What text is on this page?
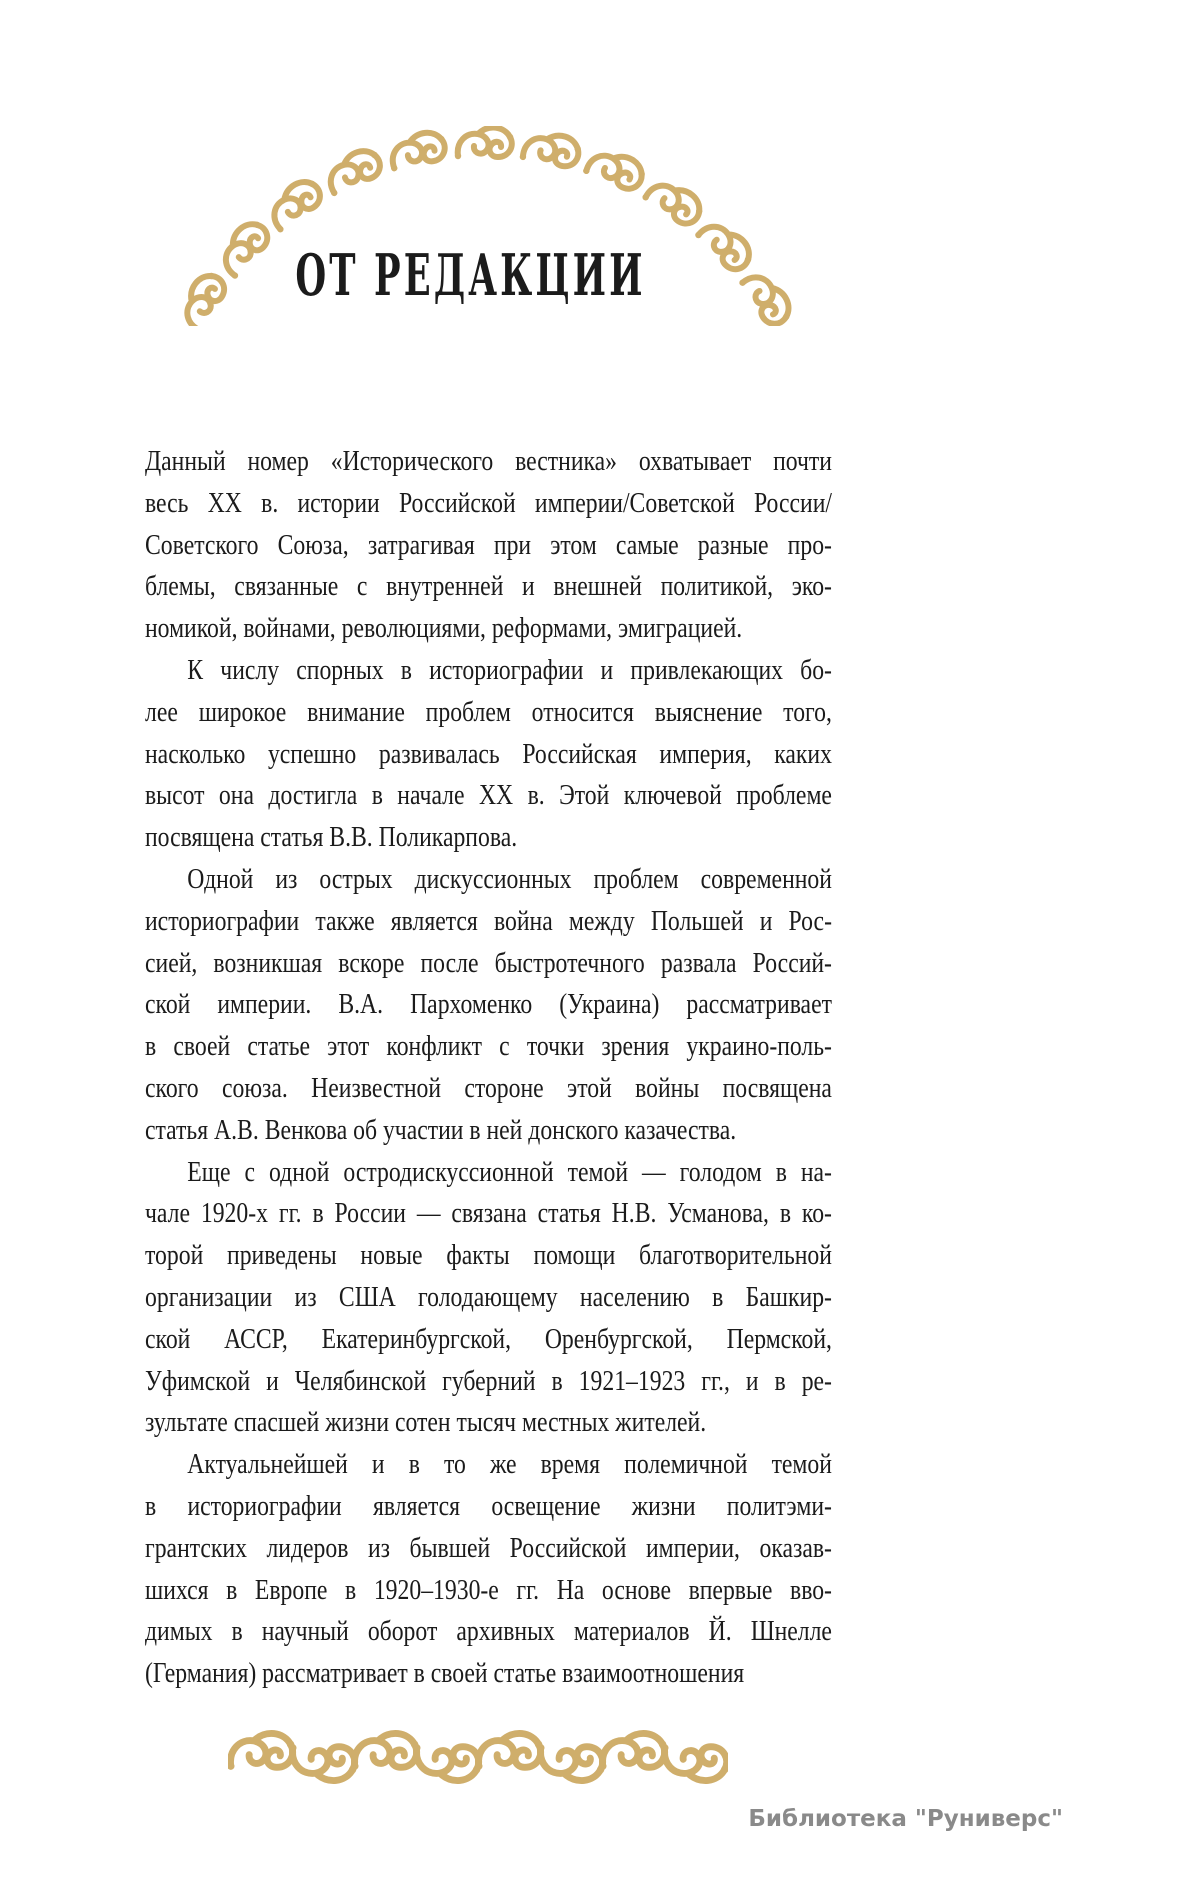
ОТ РЕДАКЦИИ
Данный номер «Исторического вестника» охватывает почти
весь XX в. истории Российской империи/Советской России/
Советского Союза, затрагивая при этом самые разные про-
блемы, связанные с внутренней и внешней политикой, эко-
номикой, войнами, революциями, реформами, эмиграцией.
К числу спорных в историографии и привлекающих бо-
лее широкое внимание проблем относится выяснение того,
насколько успешно развивалась Российская империя, каких
высот она достигла в начале XX в. Этой ключевой проблеме
посвящена статья В.В. Поликарпова.
Одной из острых дискуссионных проблем современной
историографии также является война между Польшей и Рос-
сией, возникшая вскоре после быстротечного развала Россий-
ской империи. В.А. Пархоменко (Украина) рассматривает
в своей статье этот конфликт с точки зрения украино-поль-
ского союза. Неизвестной стороне этой войны посвящена
статья А.В. Венкова об участии в ней донского казачества.
Еще с одной остродискуссионной темой — голодом в на-
чале 1920-х гг. в России — связана статья Н.В. Усманова, в ко-
торой приведены новые факты помощи благотворительной
организации из США голодающему населению в Башкир-
ской АССР, Екатеринбургской, Оренбургской, Пермской,
Уфимской и Челябинской губерний в 1921–1923 гг., и в ре-
зультате спасшей жизни сотен тысяч местных жителей.
Актуальнейшей и в то же время полемичной темой
в историографии является освещение жизни политэми-
грантских лидеров из бывшей Российской империи, оказав-
шихся в Европе в 1920–1930-е гг. На основе впервые вво-
димых в научный оборот архивных материалов Й. Шнелле
(Германия) рассматривает в своей статье взаимоотношения
Библиотека "Руниверс"
